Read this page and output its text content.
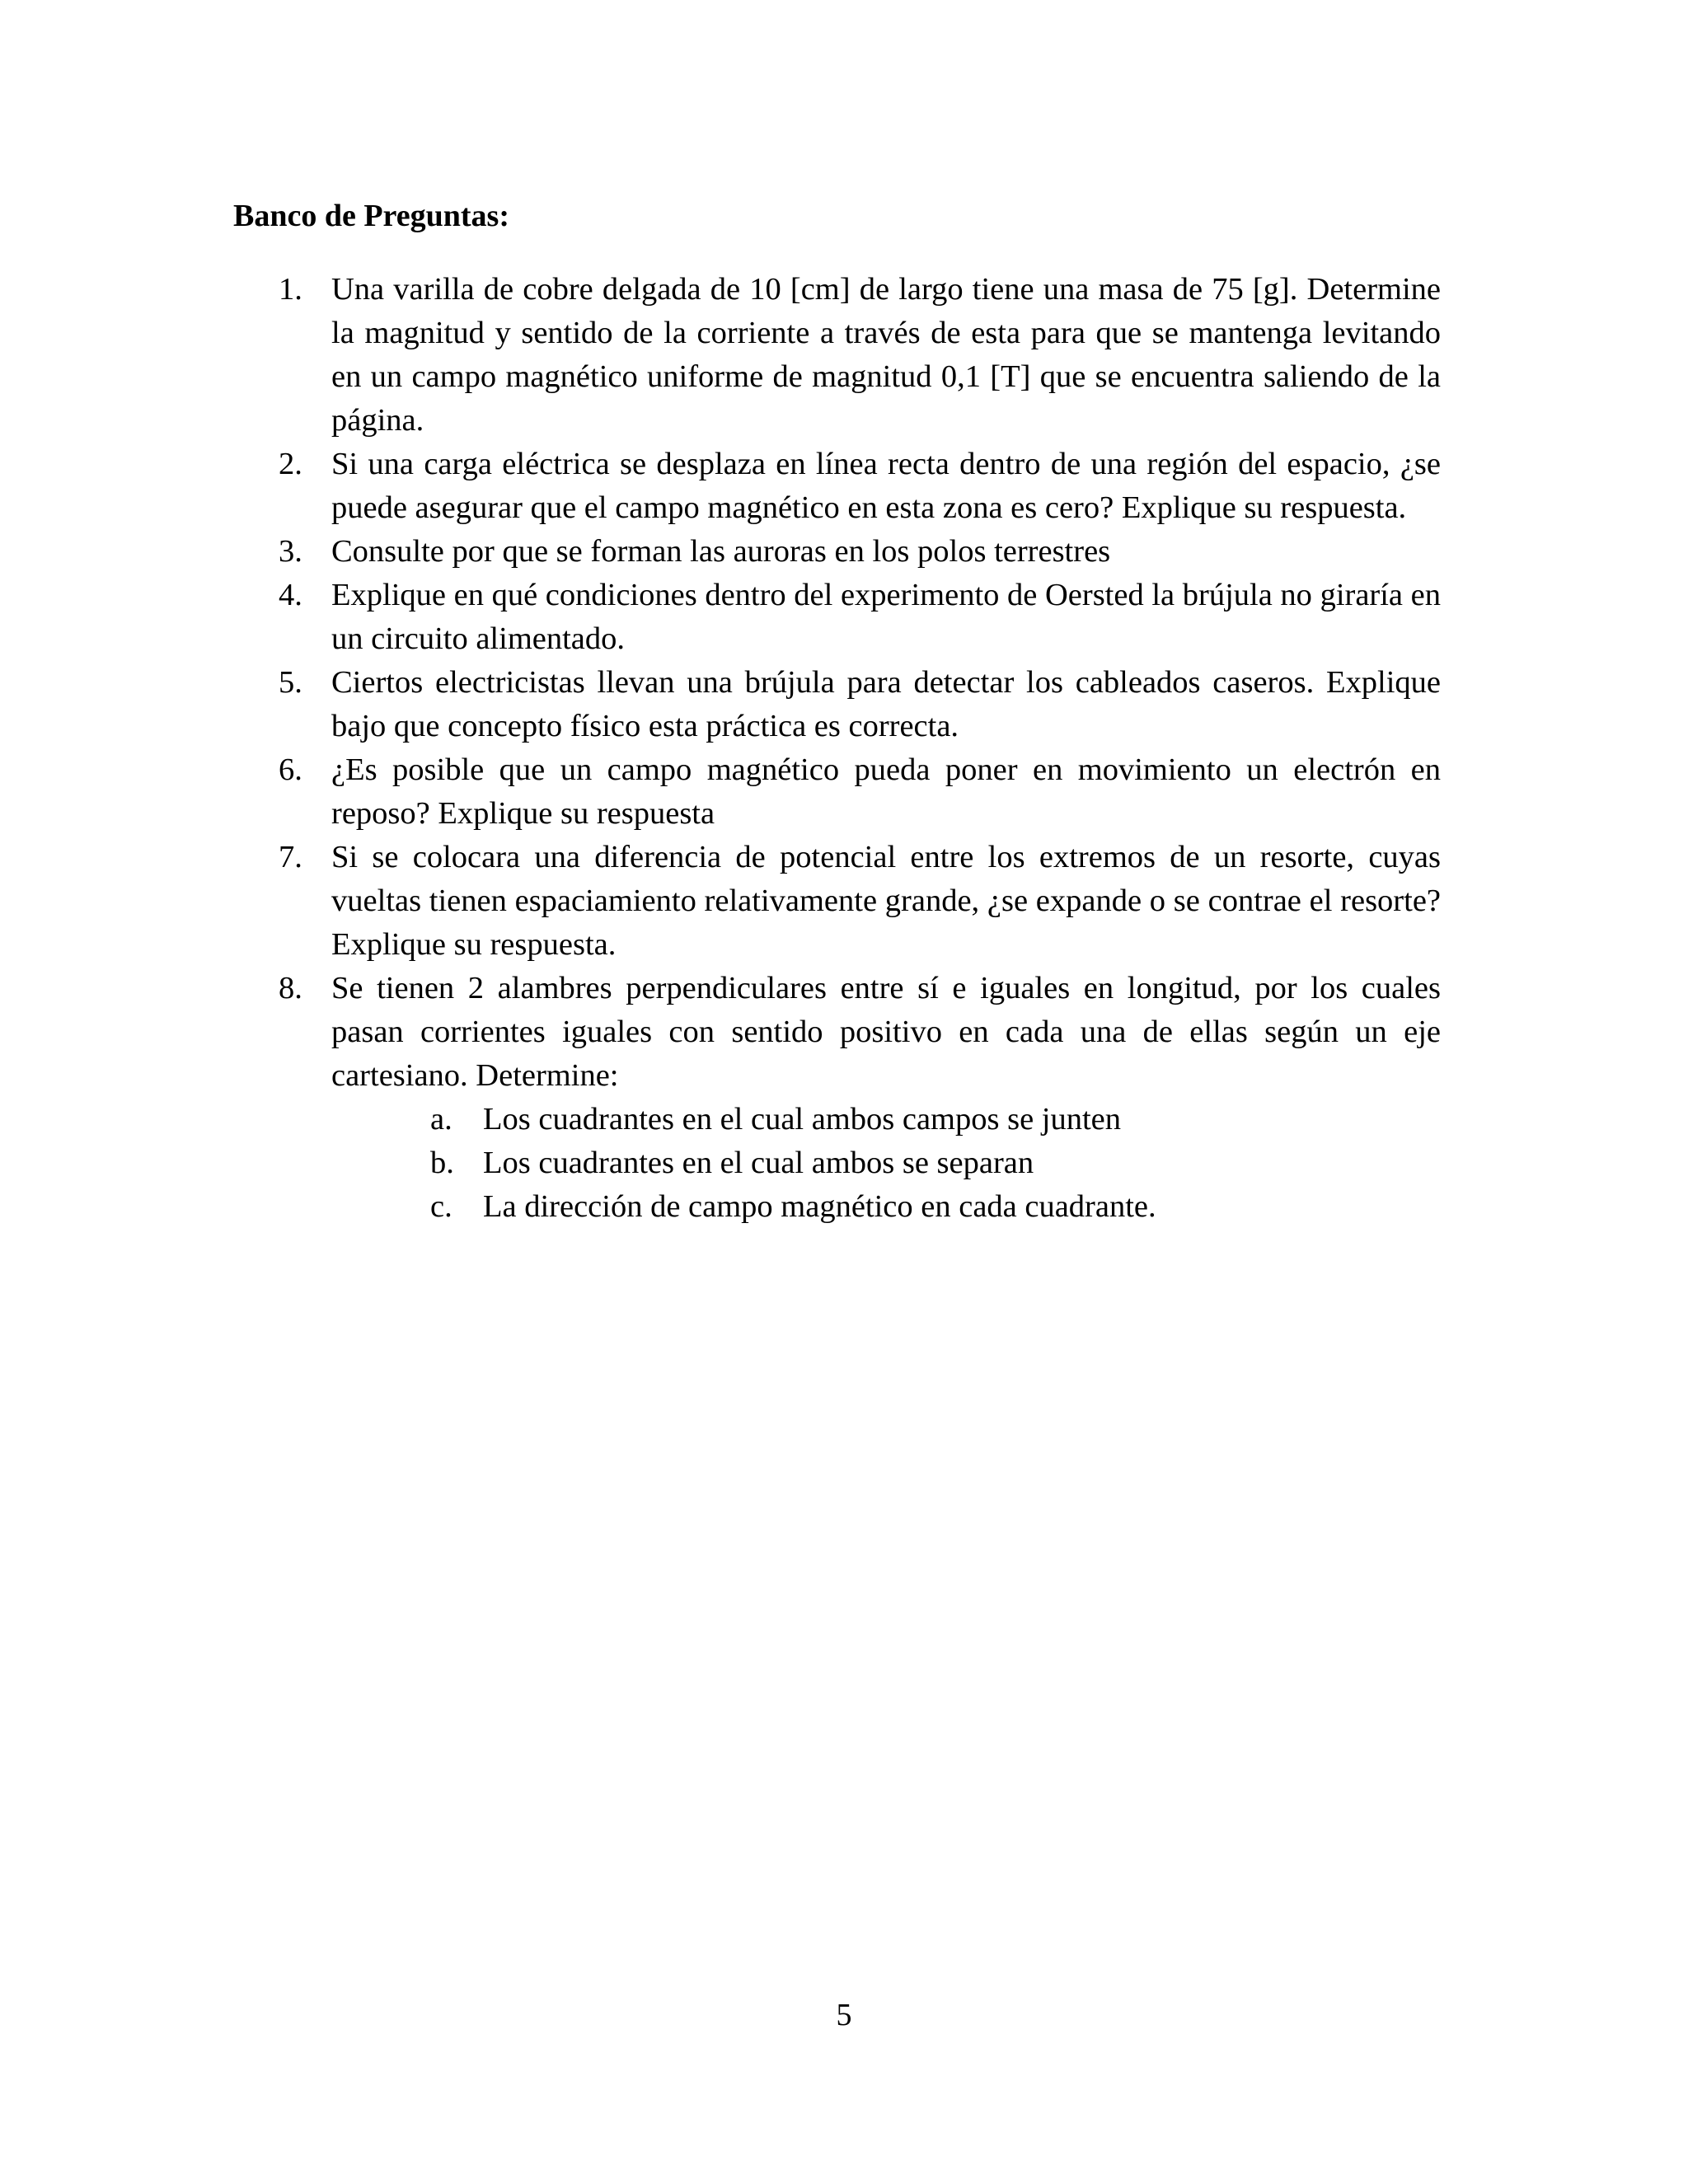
Banco de Preguntas:
1. Una varilla de cobre delgada de 10 [cm] de largo tiene una masa de 75 [g]. Determine la magnitud y sentido de la corriente a través de esta para que se mantenga levitando en un campo magnético uniforme de magnitud 0,1 [T] que se encuentra saliendo de la página.
2. Si una carga eléctrica se desplaza en línea recta dentro de una región del espacio, ¿se puede asegurar que el campo magnético en esta zona es cero? Explique su respuesta.
3. Consulte por que se forman las auroras en los polos terrestres
4. Explique en qué condiciones dentro del experimento de Oersted la brújula no giraría en un circuito alimentado.
5. Ciertos electricistas llevan una brújula para detectar los cableados caseros. Explique bajo que concepto físico esta práctica es correcta.
6. ¿Es posible que un campo magnético pueda poner en movimiento un electrón en reposo? Explique su respuesta
7. Si se colocara una diferencia de potencial entre los extremos de un resorte, cuyas vueltas tienen espaciamiento relativamente grande, ¿se expande o se contrae el resorte? Explique su respuesta.
8. Se tienen 2 alambres perpendiculares entre sí e iguales en longitud, por los cuales pasan corrientes iguales con sentido positivo en cada una de ellas según un eje cartesiano. Determine:
a. Los cuadrantes en el cual ambos campos se junten
b. Los cuadrantes en el cual ambos se separan
c. La dirección de campo magnético en cada cuadrante.
5
